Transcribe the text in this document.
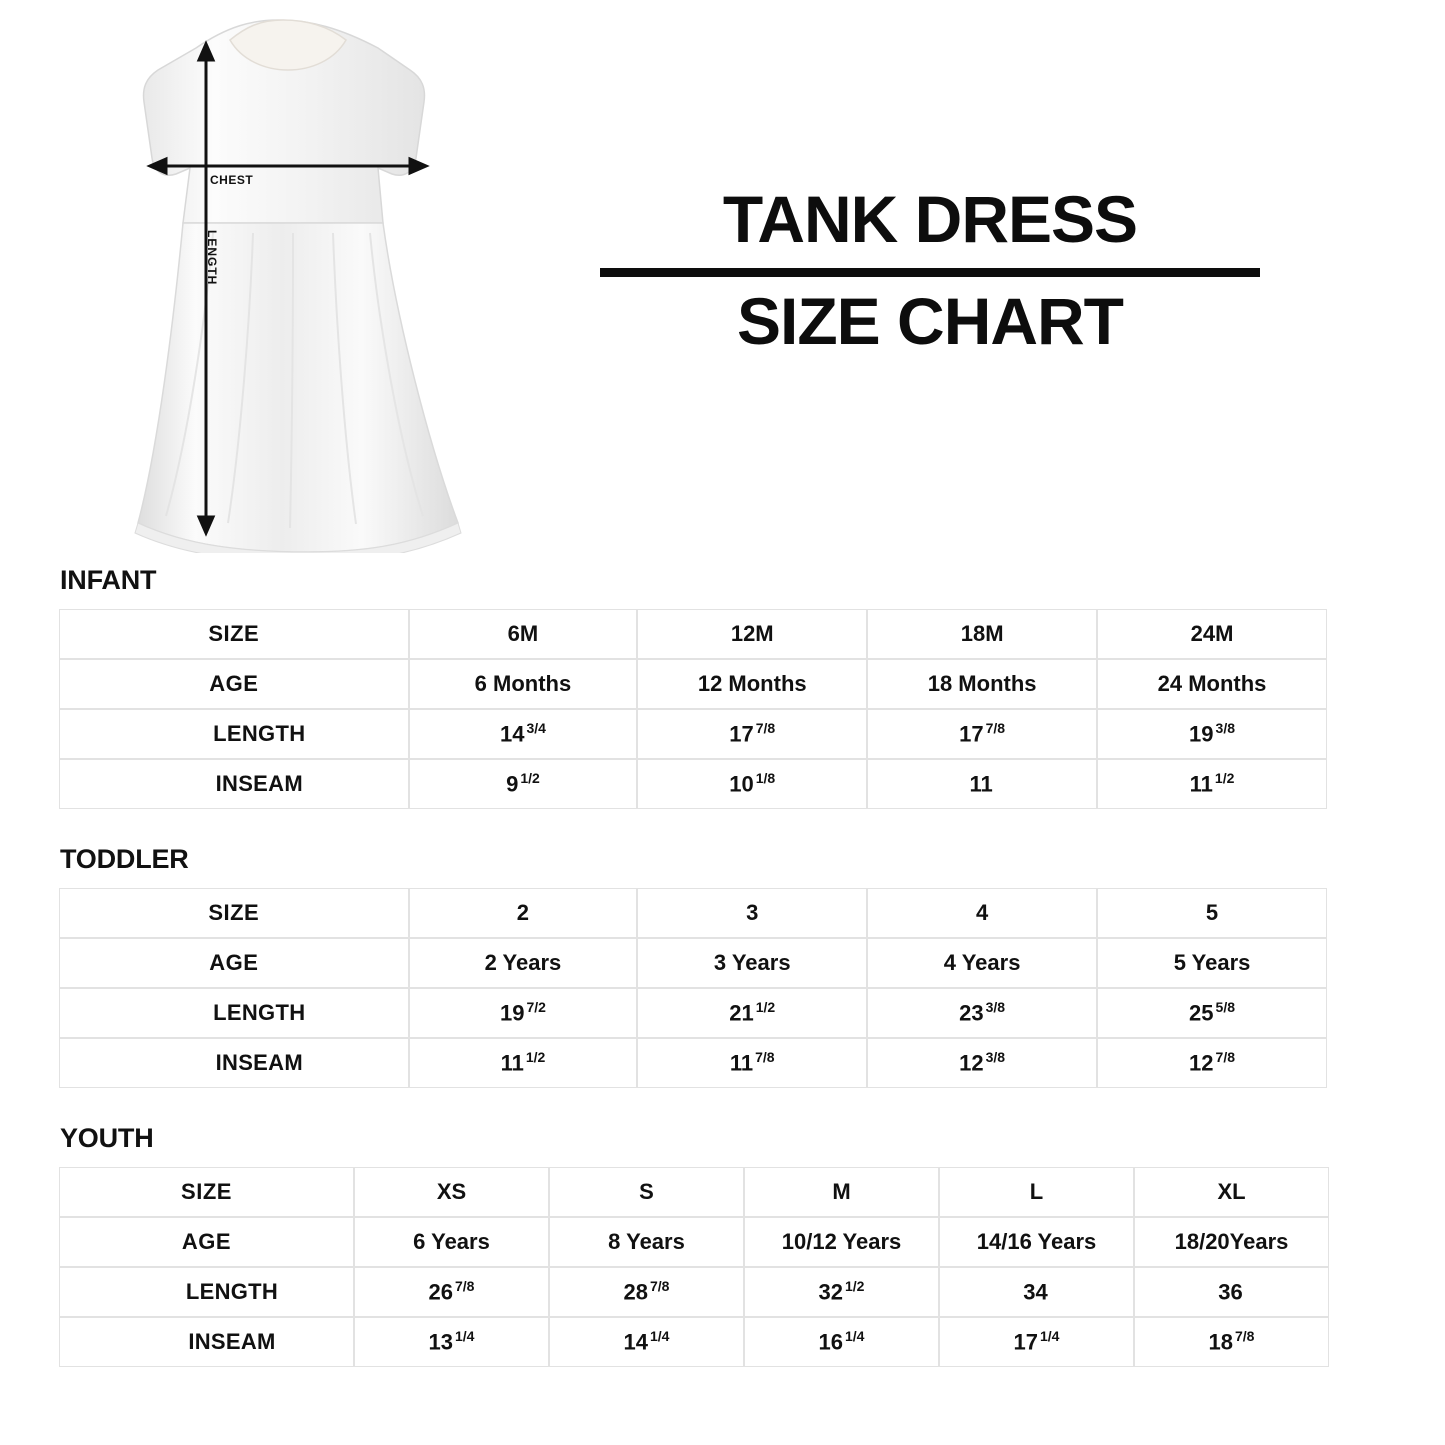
CHEST
LENGTH
TANK DRESS
SIZE CHART
INFANT
SIZE	6M	12M	18M	24M
AGE	6 Months	12 Months	18 Months	24 Months
LENGTH	14 $^{3/4}$	17 $^{7/8}$	17 $^{7/8}$	19 $^{3/8}$
INSEAM	9 $^{1/2}$	10 $^{1/8}$	11	11 $^{1/2}$
TODDLER
SIZE	2	3	4	5
AGE	2 Years	3 Years	4 Years	5 Years
LENGTH	19 $^{7/2}$	21 $^{1/2}$	23 $^{3/8}$	25 $^{5/8}$
INSEAM	11 $^{1/2}$	11 $^{7/8}$	12 $^{3/8}$	12 $^{7/8}$
YOUTH
SIZE	XS	S	M	L	XL
AGE	6 Years	8 Years	10/12 Years	14/16 Years	18/20Years
LENGTH	26 $^{7/8}$	28 $^{7/8}$	32 $^{1/2}$	34	36
INSEAM	13 $^{1/4}$	14 $^{1/4}$	16 $^{1/4}$	17 $^{1/4}$	18 $^{7/8}$
